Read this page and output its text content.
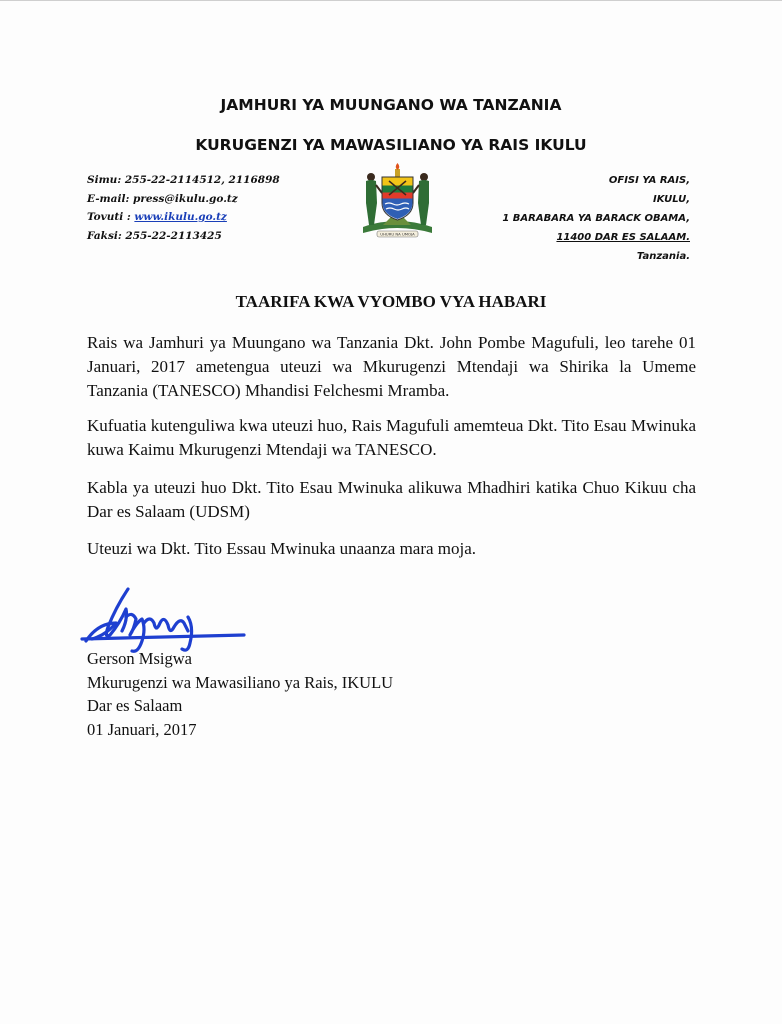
JAMHURI YA MUUNGANO WA TANZANIA
KURUGENZI YA MAWASILIANO YA RAIS IKULU
Simu: 255-22-2114512, 2116898
E-mail: press@ikulu.go.tz
Tovuti : www.ikulu.go.tz
Faksi: 255-22-2113425	UHURU NA UMOJA
OFISI YA RAIS,
IKULU,
1 BARABARA YA BARACK OBAMA,
11400 DAR ES SALAAM.
Tanzania.
TAARIFA KWA VYOMBO VYA HABARI

Rais wa Jamhuri ya Muungano wa Tanzania Dkt. John Pombe Magufuli, leo tarehe 01 Januari, 2017 ametengua uteuzi wa Mkurugenzi Mtendaji wa Shirika la Umeme Tanzania (TANESCO) Mhandisi Felchesmi Mramba.

Kufuatia kutenguliwa kwa uteuzi huo, Rais Magufuli amemteua Dkt. Tito Esau Mwinuka kuwa Kaimu Mkurugenzi Mtendaji wa TANESCO.

Kabla ya uteuzi huo Dkt. Tito Esau Mwinuka alikuwa Mhadhiri katika Chuo Kikuu cha Dar es Salaam (UDSM)

Uteuzi wa Dkt. Tito Essau Mwinuka unaanza mara moja.

Gerson Msigwa
Mkurugenzi wa Mawasiliano ya Rais, IKULU
Dar es Salaam
01 Januari, 2017
